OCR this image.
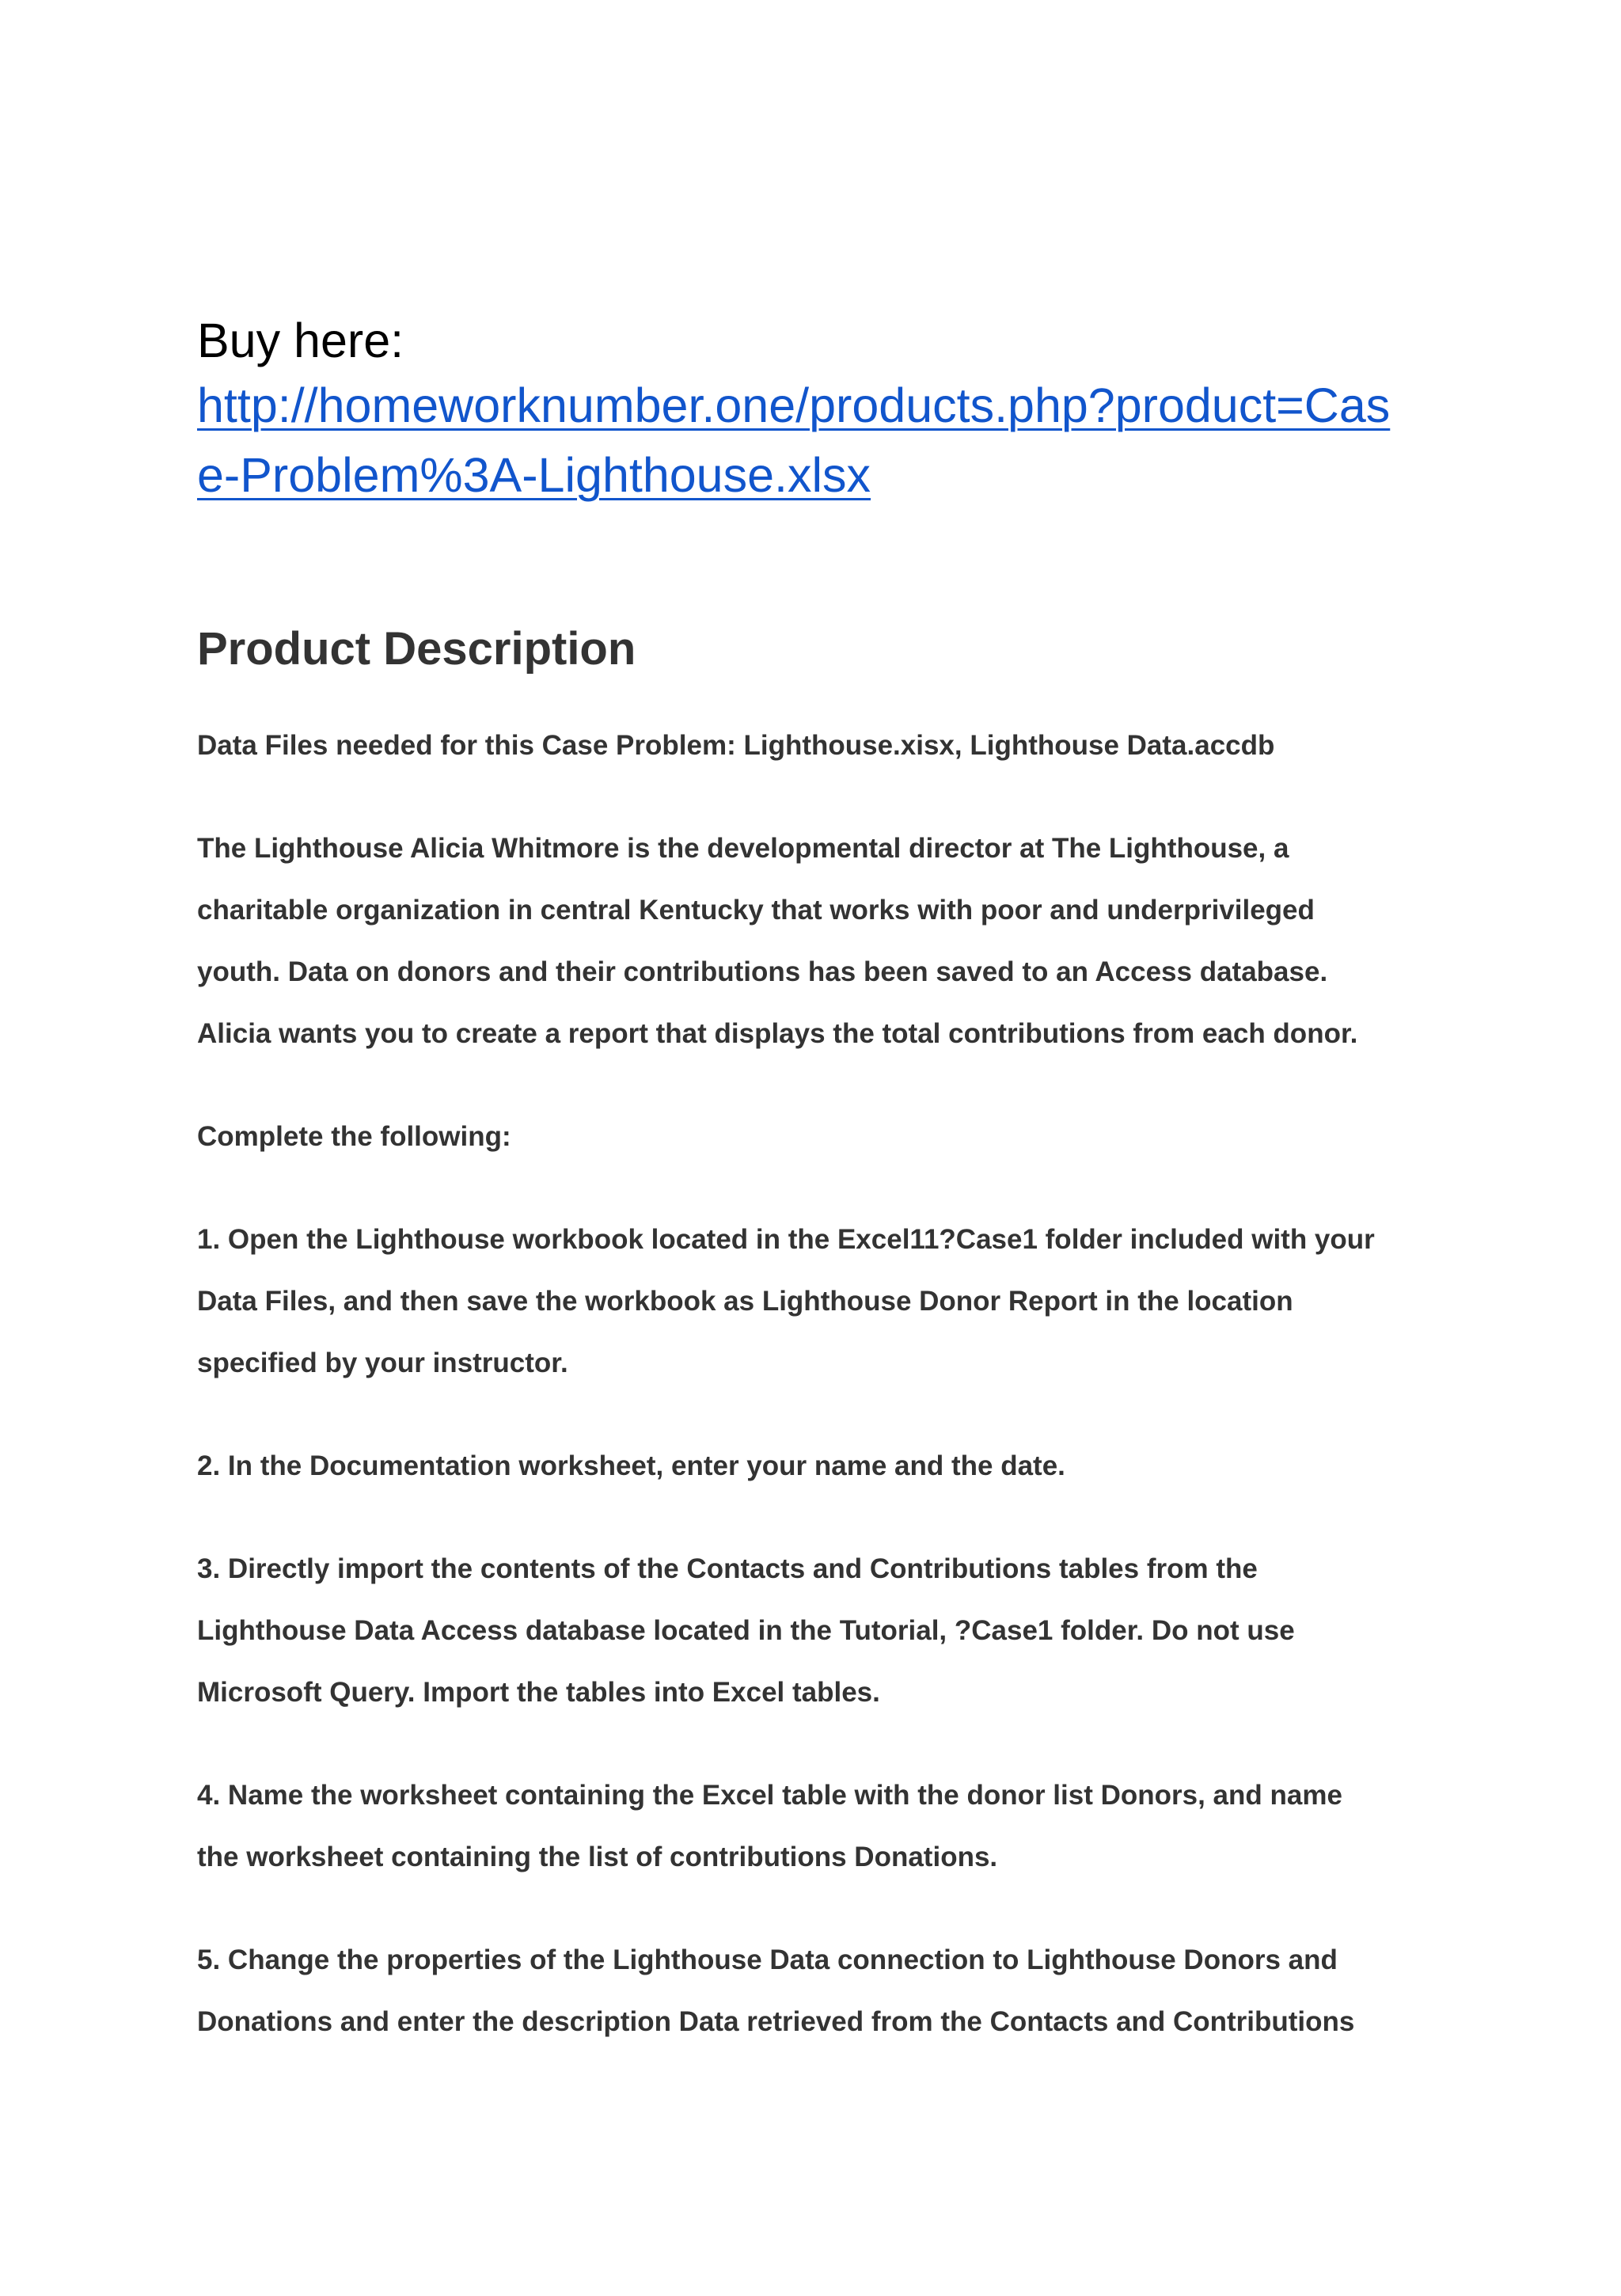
Buy here:
http://homeworknumber.one/products.php?product=Cas
e-Problem%3A-Lighthouse.xlsx
Product Description
Data Files needed for this Case Problem: Lighthouse.xisx, Lighthouse Data.accdb
The Lighthouse Alicia Whitmore is the developmental director at The Lighthouse, a
charitable organization in central Kentucky that works with poor and underprivileged
youth. Data on donors and their contributions has been saved to an Access database.
Alicia wants you to create a report that displays the total contributions from each donor.
Complete the following:
1. Open the Lighthouse workbook located in the Excel11?Case1 folder included with your
Data Files, and then save the workbook as Lighthouse Donor Report in the location
specified by your instructor.
2. In the Documentation worksheet, enter your name and the date.
3. Directly import the contents of the Contacts and Contributions tables from the
Lighthouse Data Access database located in the Tutorial, ?Case1 folder. Do not use
Microsoft Query. Import the tables into Excel tables.
4. Name the worksheet containing the Excel table with the donor list Donors, and name
the worksheet containing the list of contributions Donations.
5. Change the properties of the Lighthouse Data connection to Lighthouse Donors and
Donations and enter the description Data retrieved from the Contacts and Contributions
